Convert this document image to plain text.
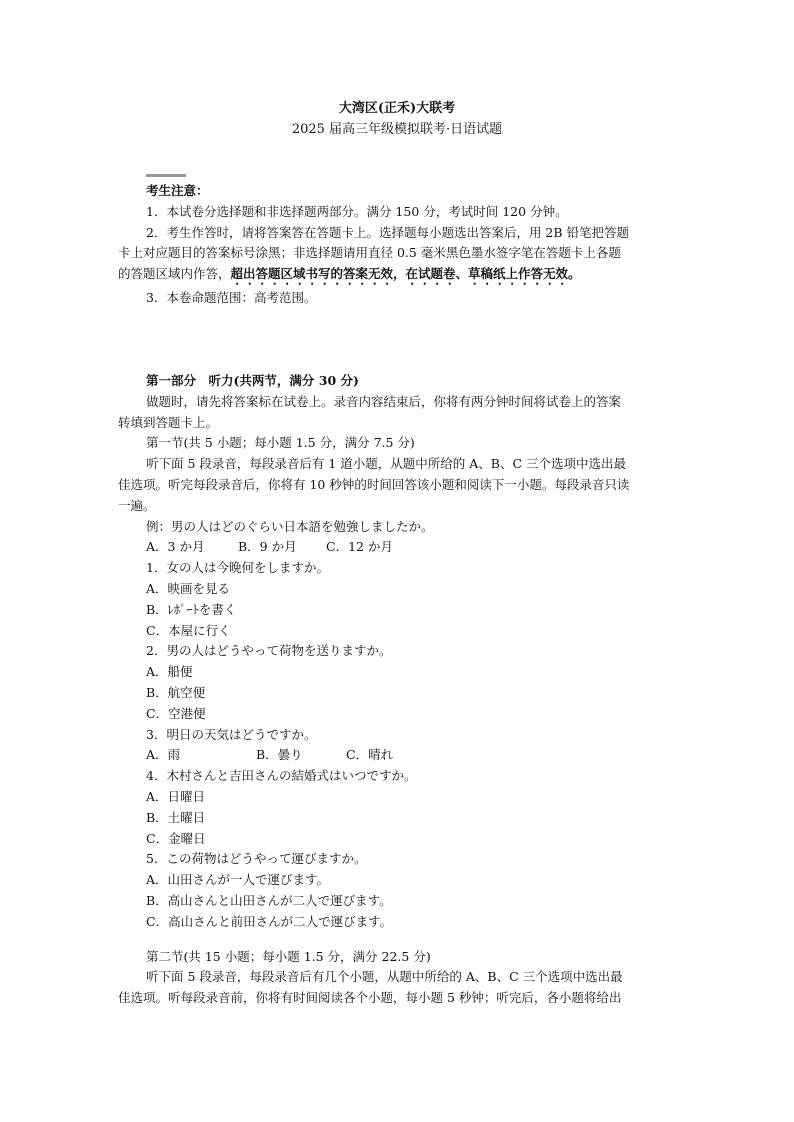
大湾区(正禾)大联考
2025 届高三年级模拟联考·日语试题

考生注意：

1．本试卷分选择题和非选择题两部分。满分 150 分，考试时间 120 分钟。

2．考生作答时，请将答案答在答题卡上。选择题每小题选出答案后，用 2B 铅笔把答题

卡上对应题目的答案标号涂黑；非选择题请用直径 0.5 毫米黑色墨水签字笔在答题卡上各题

的答题区域内作答，超出答题区域书写的答案无效，在试题卷、草稿纸上作答无效。

3．本卷命题范围：高考范围。

第一部分　听力(共两节，满分 30 分)

做题时，请先将答案标在试卷上。录音内容结束后，你将有两分钟时间将试卷上的答案

转填到答题卡上。

第一节(共 5 小题；每小题 1.5 分，满分 7.5 分)

听下面 5 段录音，每段录音后有 1 道小题，从题中所给的 A、B、C 三个选项中选出最

佳选项。听完每段录音后，你将有 10 秒钟的时间回答该小题和阅读下一小题。每段录音只读

一遍。

例：男の人はどのぐらい日本語を勉強しましたか。

A．3 か月	B．9 か月	C．12 か月

1．女の人は今晩何をしますか。

A．映画を見る

B．ﾚﾎﾟｰﾄを書く

C．本屋に行く

2．男の人はどうやって荷物を送りますか。

A．船便

B．航空便

C．空港便

3．明日の天気はどうですか。

A．雨	B．曇り	C．晴れ

4．木村さんと吉田さんの結婚式はいつですか。

A．日曜日

B．土曜日

C．金曜日

5．この荷物はどうやって運びますか。

A．山田さんが一人で運びます。

B．高山さんと山田さんが二人で運びます。

C．高山さんと前田さんが二人で運びます。

第二节(共 15 小题；每小题 1.5 分，满分 22.5 分)

听下面 5 段录音，每段录音后有几个小题，从题中所给的 A、B、C 三个选项中选出最

佳选项。听每段录音前，你将有时间阅读各个小题，每小题 5 秒钟；听完后，各小题将给出
